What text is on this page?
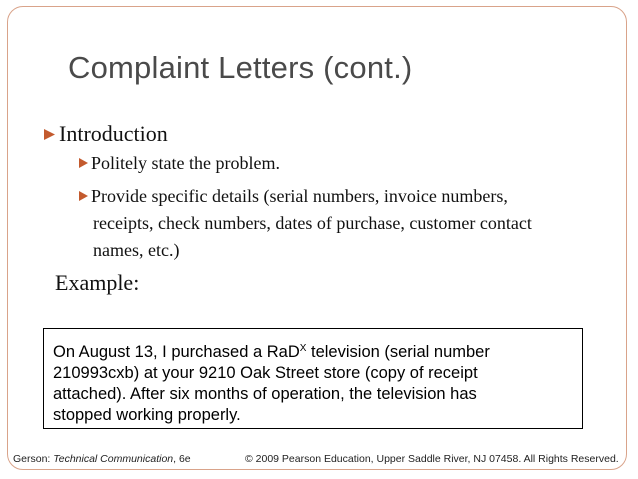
Complaint Letters (cont.)
Introduction
Politely state the problem.
Provide specific details (serial numbers, invoice numbers,
receipts, check numbers, dates of purchase, customer contact
names, etc.)
Example:
On August 13, I purchased a RaD$^X$ television (serial number
210993cxb) at your 9210 Oak Street store (copy of receipt
attached). After six months of operation, the television has
stopped working properly.
Gerson: Technical Communication, 6e	© 2009 Pearson Education, Upper Saddle River, NJ 07458. All Rights Reserved.
